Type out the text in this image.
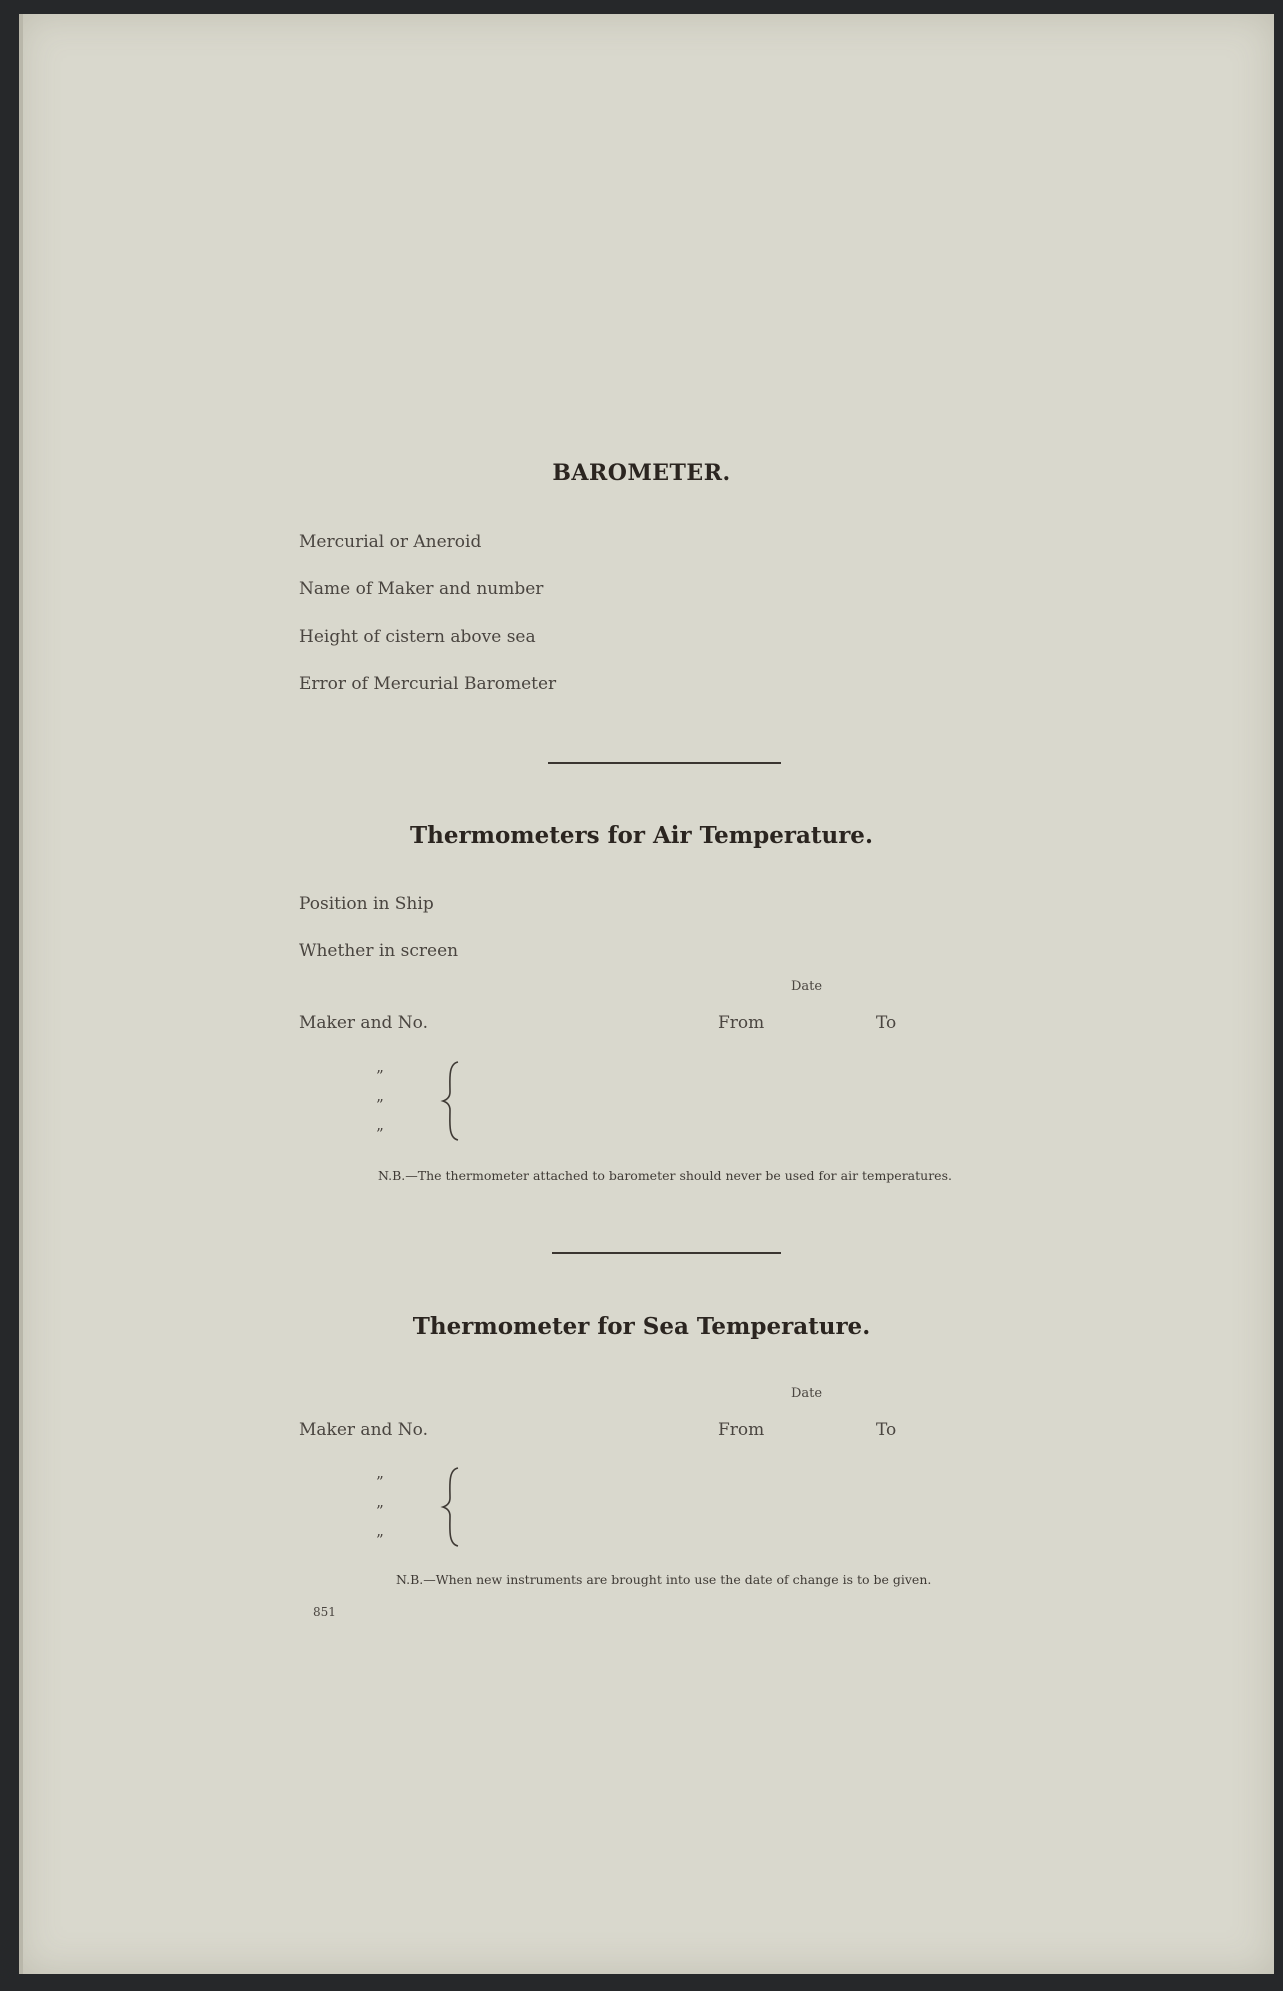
BAROMETER.
Mercurial or Aneroid
Name of Maker and number
Height of cistern above sea
Error of Mercurial Barometer
Thermometers for Air Temperature.
Position in Ship
Whether in screen
Date
Maker and No.	From	To
”
”
”
N.B.—The thermometer attached to barometer should never be used for air temperatures.
Thermometer for Sea Temperature.
Date
Maker and No.	From	To
”
”
”
N.B.—When new instruments are brought into use the date of change is to be given.
851
